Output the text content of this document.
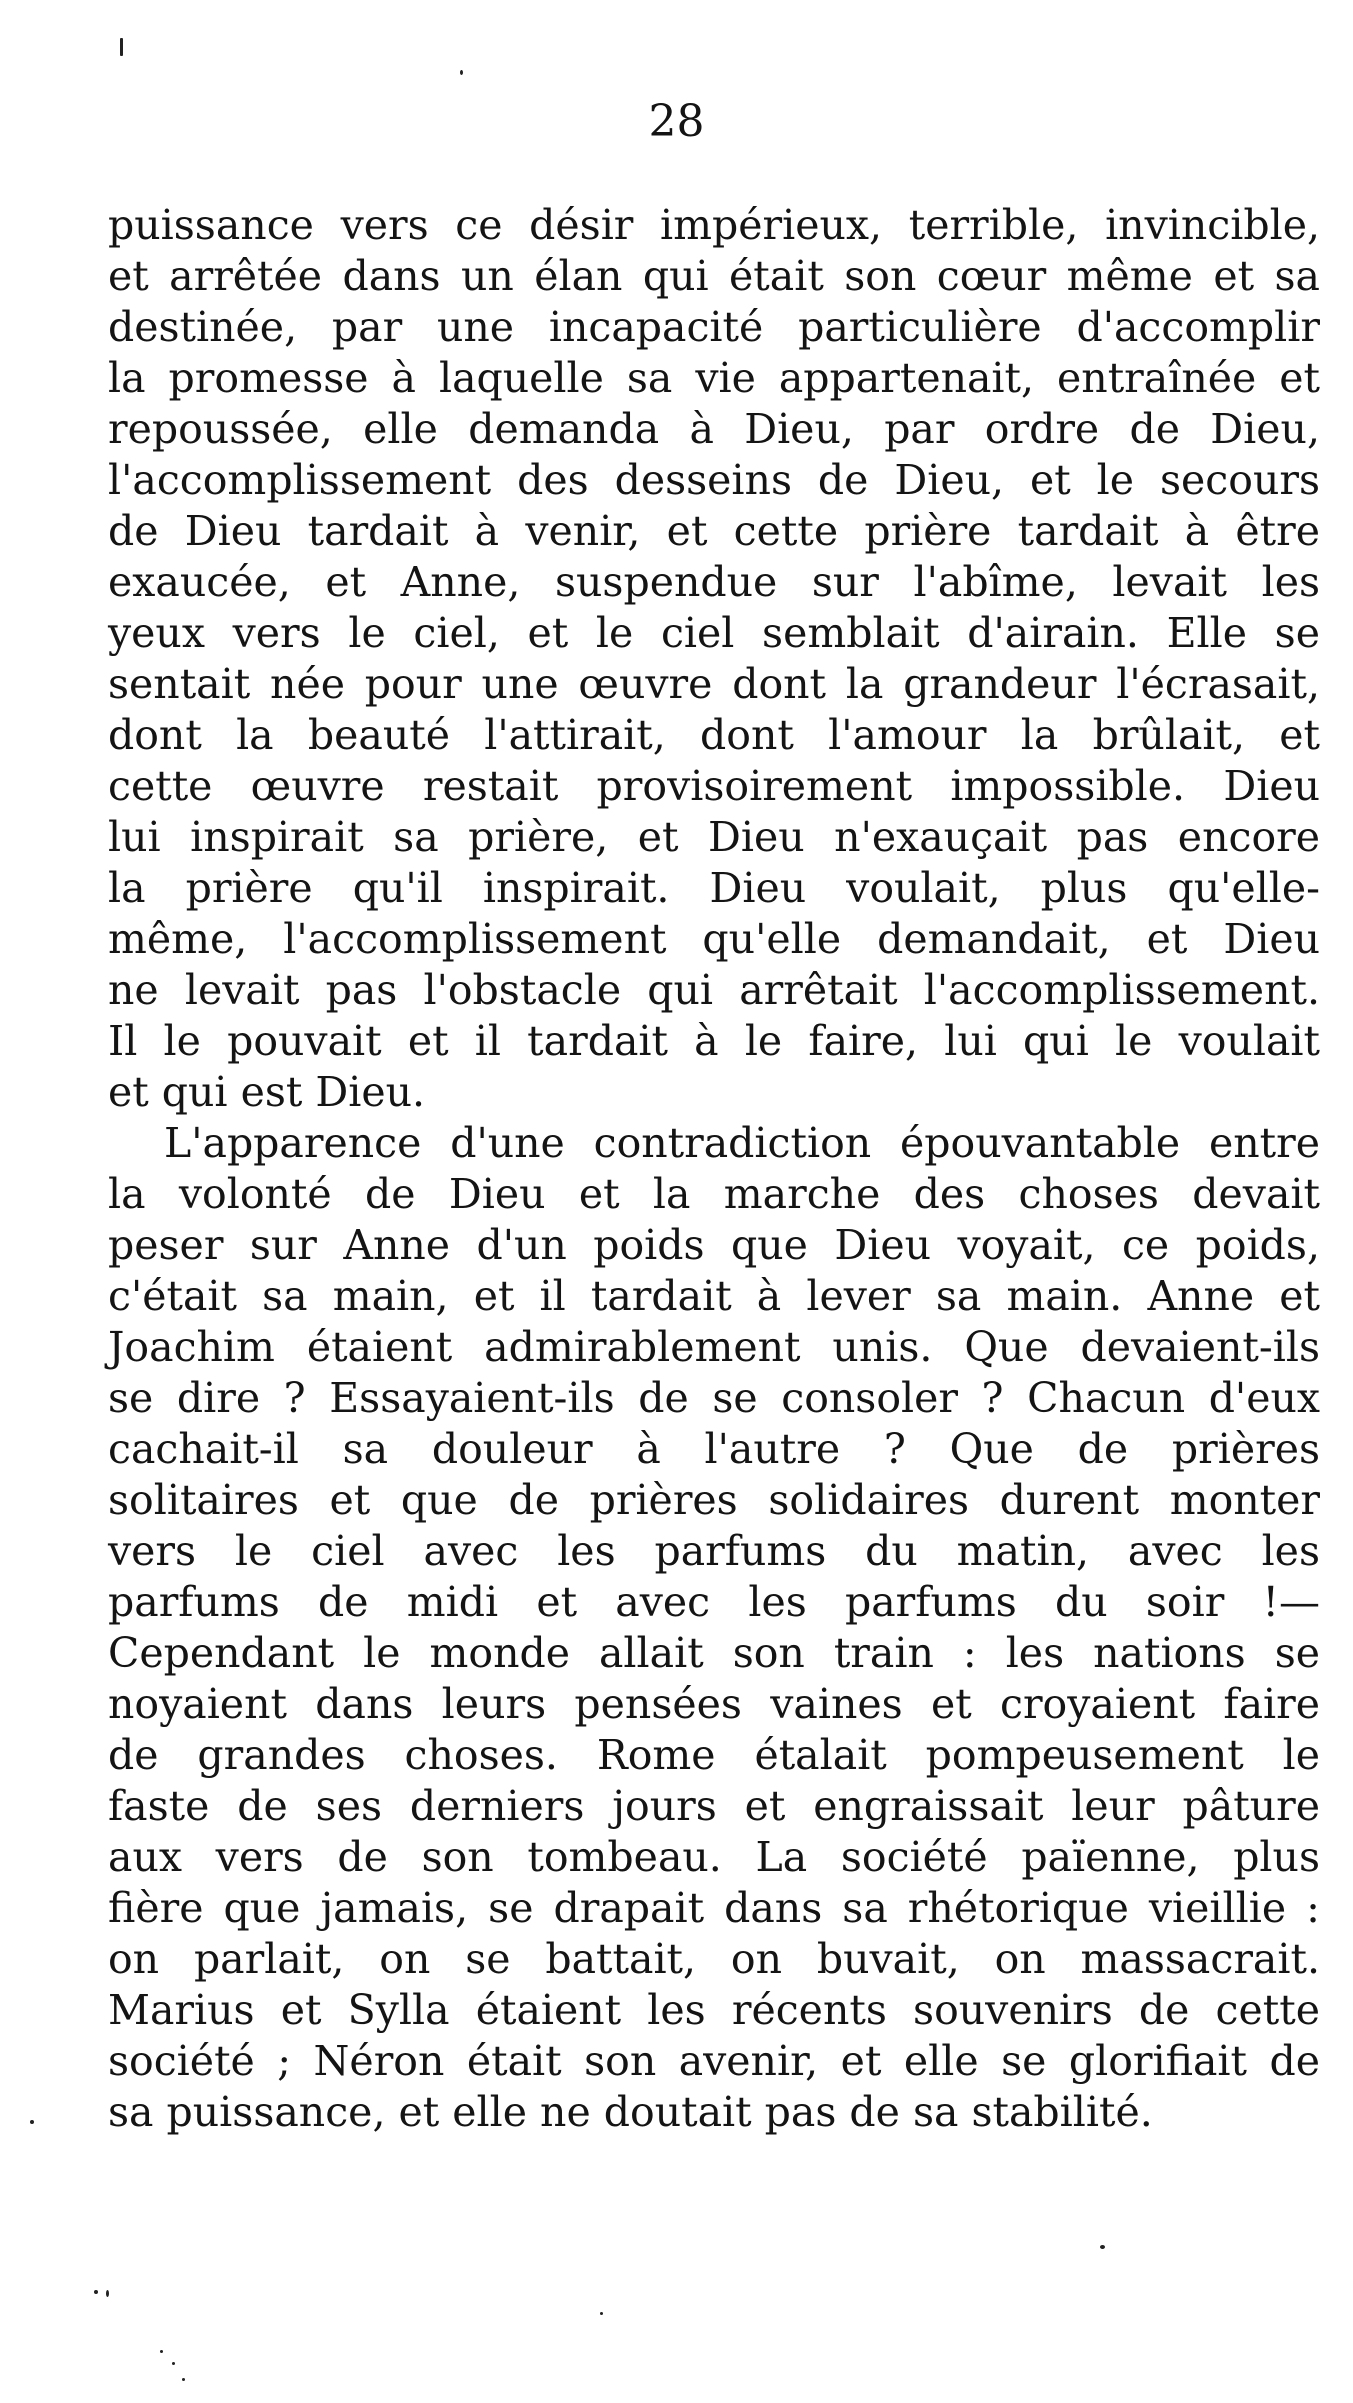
28

puissance vers ce désir impérieux, terrible, invincible,
et arrêtée dans un élan qui était son cœur même et sa
destinée, par une incapacité particulière d'accomplir
la promesse à laquelle sa vie appartenait, entraînée et
repoussée, elle demanda à Dieu, par ordre de Dieu,
l'accomplissement des desseins de Dieu, et le secours
de Dieu tardait à venir, et cette prière tardait à être
exaucée, et Anne, suspendue sur l'abîme, levait les
yeux vers le ciel, et le ciel semblait d'airain. Elle se
sentait née pour une œuvre dont la grandeur l'écrasait,
dont la beauté l'attirait, dont l'amour la brûlait, et
cette œuvre restait provisoirement impossible. Dieu
lui inspirait sa prière, et Dieu n'exauçait pas encore
la prière qu'il inspirait. Dieu voulait, plus qu'elle-
même, l'accomplissement qu'elle demandait, et Dieu
ne levait pas l'obstacle qui arrêtait l'accomplissement.
Il le pouvait et il tardait à le faire, lui qui le voulait
et qui est Dieu.

L'apparence d'une contradiction épouvantable entre
la volonté de Dieu et la marche des choses devait
peser sur Anne d'un poids que Dieu voyait, ce poids,
c'était sa main, et il tardait à lever sa main. Anne et
Joachim étaient admirablement unis. Que devaient-ils
se dire ? Essayaient-ils de se consoler ? Chacun d'eux
cachait-il sa douleur à l'autre ? Que de prières
solitaires et que de prières solidaires durent monter
vers le ciel avec les parfums du matin, avec les
parfums de midi et avec les parfums du soir !—
Cependant le monde allait son train : les nations se
noyaient dans leurs pensées vaines et croyaient faire
de grandes choses. Rome étalait pompeusement le
faste de ses derniers jours et engraissait leur pâture
aux vers de son tombeau. La société païenne, plus
fière que jamais, se drapait dans sa rhétorique vieillie :
on parlait, on se battait, on buvait, on massacrait.
Marius et Sylla étaient les récents souvenirs de cette
société ; Néron était son avenir, et elle se glorifiait de
sa puissance, et elle ne doutait pas de sa stabilité.
